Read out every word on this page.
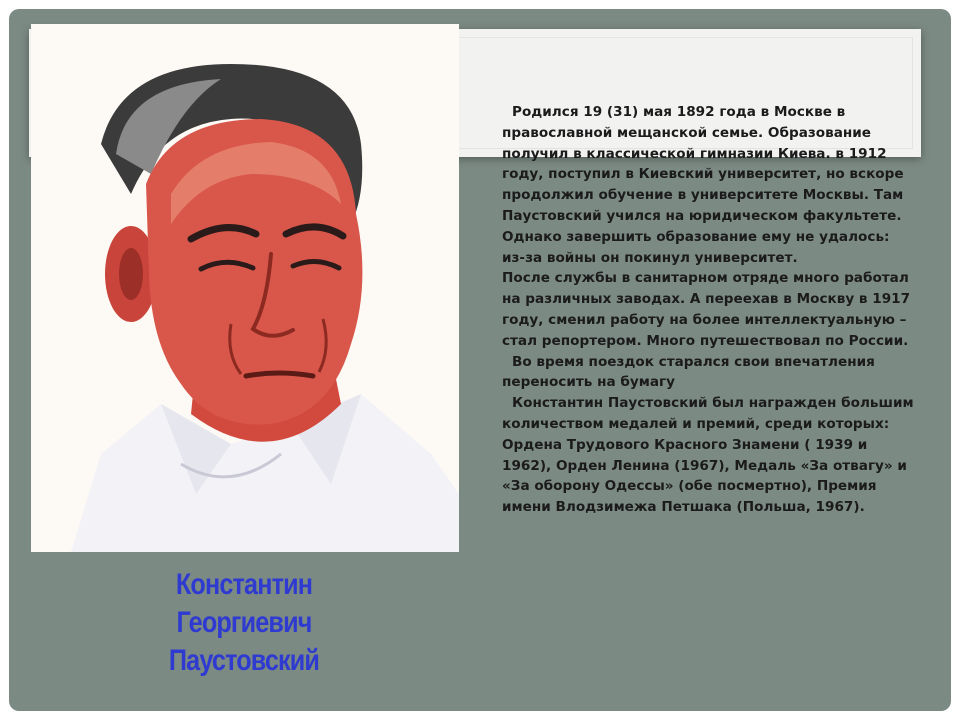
Родился 19 (31) мая 1892 года в Москве в православной мещанской семье. Образование получил в классической гимназии Киева. в 1912 году, поступил в Киевский университет, но вскоре продолжил обучение в университете Москвы. Там Паустовский учился на юридическом факультете. Однако завершить образование ему не удалось: из-за войны он покинул университет.

После службы в санитарном отряде много работал на различных заводах. А переехав в Москву в 1917 году, сменил работу на более интеллектуальную – стал репортером. Много путешествовал по России.

Во время поездок старался свои впечатления переносить на бумагу

Константин Паустовский был награжден большим количеством медалей и премий, среди которых: Ордена Трудового Красного Знамени ( 1939 и 1962), Орден Ленина (1967), Медаль «За отвагу» и «За оборону Одессы» (обе посмертно), Премия имени Влодзимежа Петшака (Польша, 1967).

Константин
Георгиевич
Паустовский
